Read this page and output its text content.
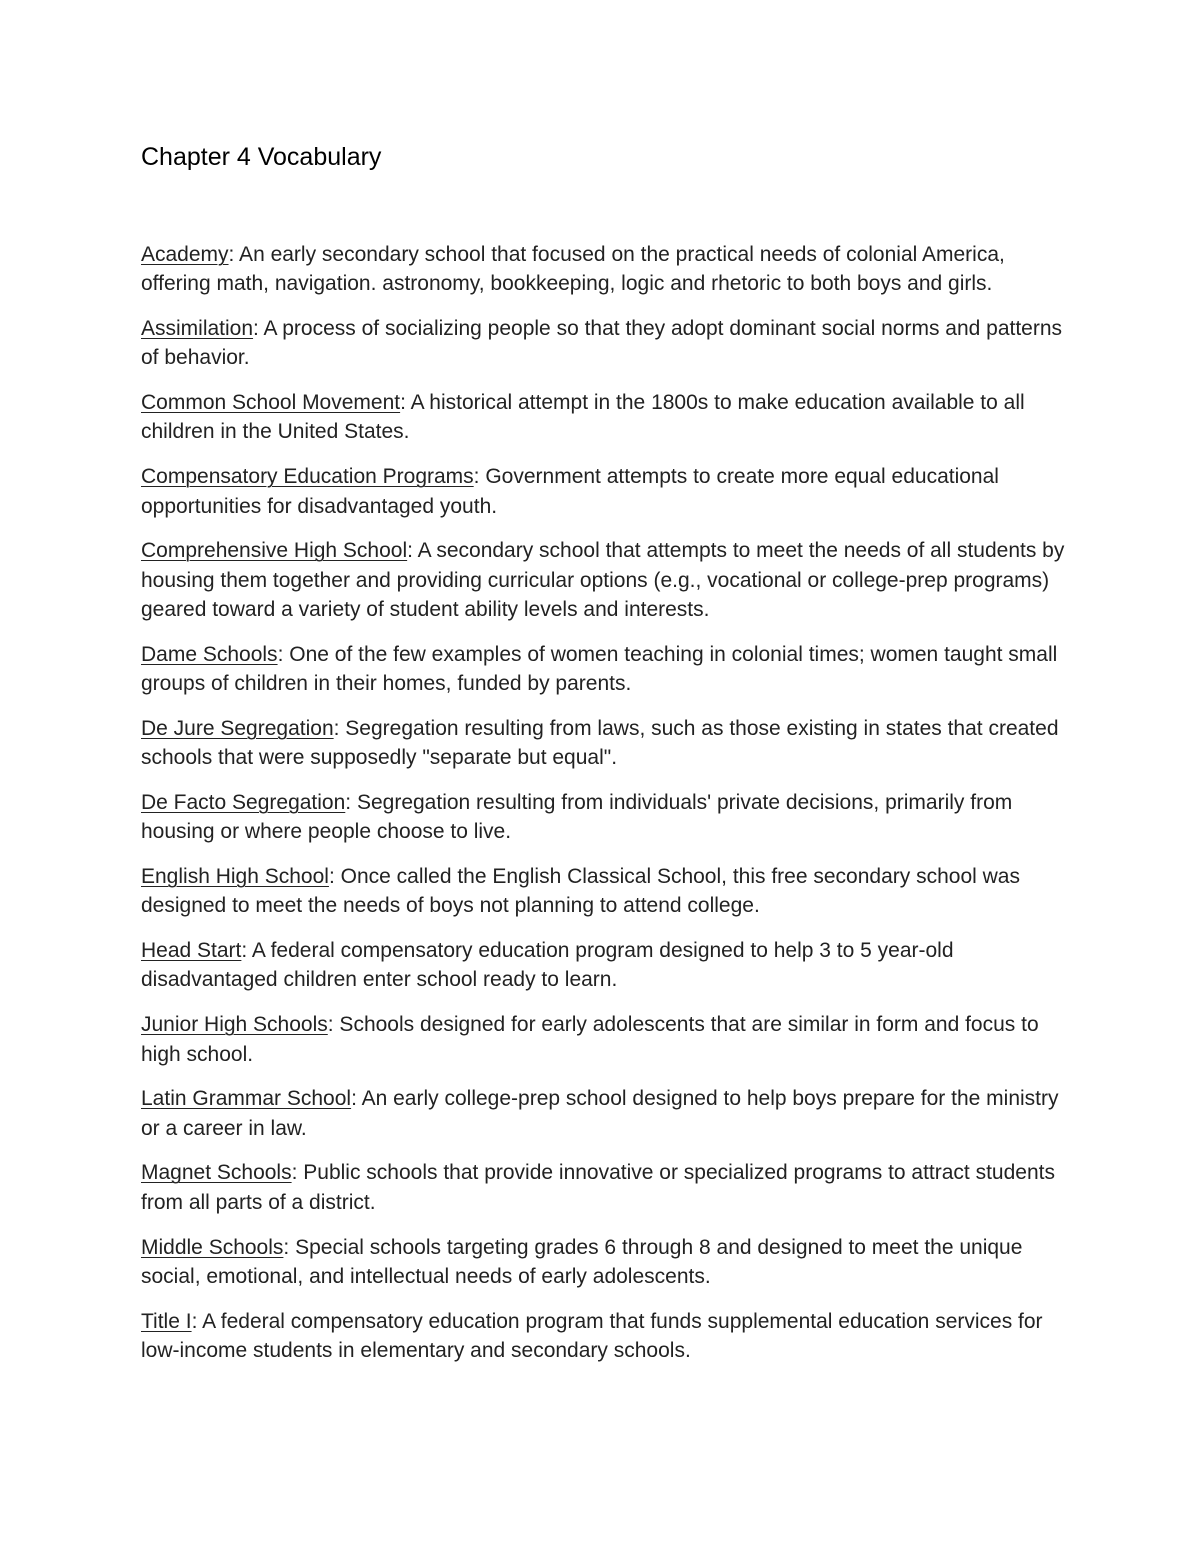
Chapter 4 Vocabulary
Academy: An early secondary school that focused on the practical needs of colonial America, offering math, navigation. astronomy, bookkeeping, logic and rhetoric to both boys and girls.
Assimilation: A process of socializing people so that they adopt dominant social norms and patterns of behavior.
Common School Movement: A historical attempt in the 1800s to make education available to all children in the United States.
Compensatory Education Programs: Government attempts to create more equal educational opportunities for disadvantaged youth.
Comprehensive High School: A secondary school that attempts to meet the needs of all students by housing them together and providing curricular options (e.g., vocational or college-prep programs) geared toward a variety of student ability levels and interests.
Dame Schools: One of the few examples of women teaching in colonial times; women taught small groups of children in their homes, funded by parents.
De Jure Segregation: Segregation resulting from laws, such as those existing in states that created schools that were supposedly "separate but equal".
De Facto Segregation: Segregation resulting from individuals' private decisions, primarily from housing or where people choose to live.
English High School: Once called the English Classical School, this free secondary school was designed to meet the needs of boys not planning to attend college.
Head Start: A federal compensatory education program designed to help 3 to 5 year-old disadvantaged children enter school ready to learn.
Junior High Schools: Schools designed for early adolescents that are similar in form and focus to high school.
Latin Grammar School: An early college-prep school designed to help boys prepare for the ministry or a career in law.
Magnet Schools: Public schools that provide innovative or specialized programs to attract students from all parts of a district.
Middle Schools: Special schools targeting grades 6 through 8 and designed to meet the unique social, emotional, and intellectual needs of early adolescents.
Title I: A federal compensatory education program that funds supplemental education services for low-income students in elementary and secondary schools.
